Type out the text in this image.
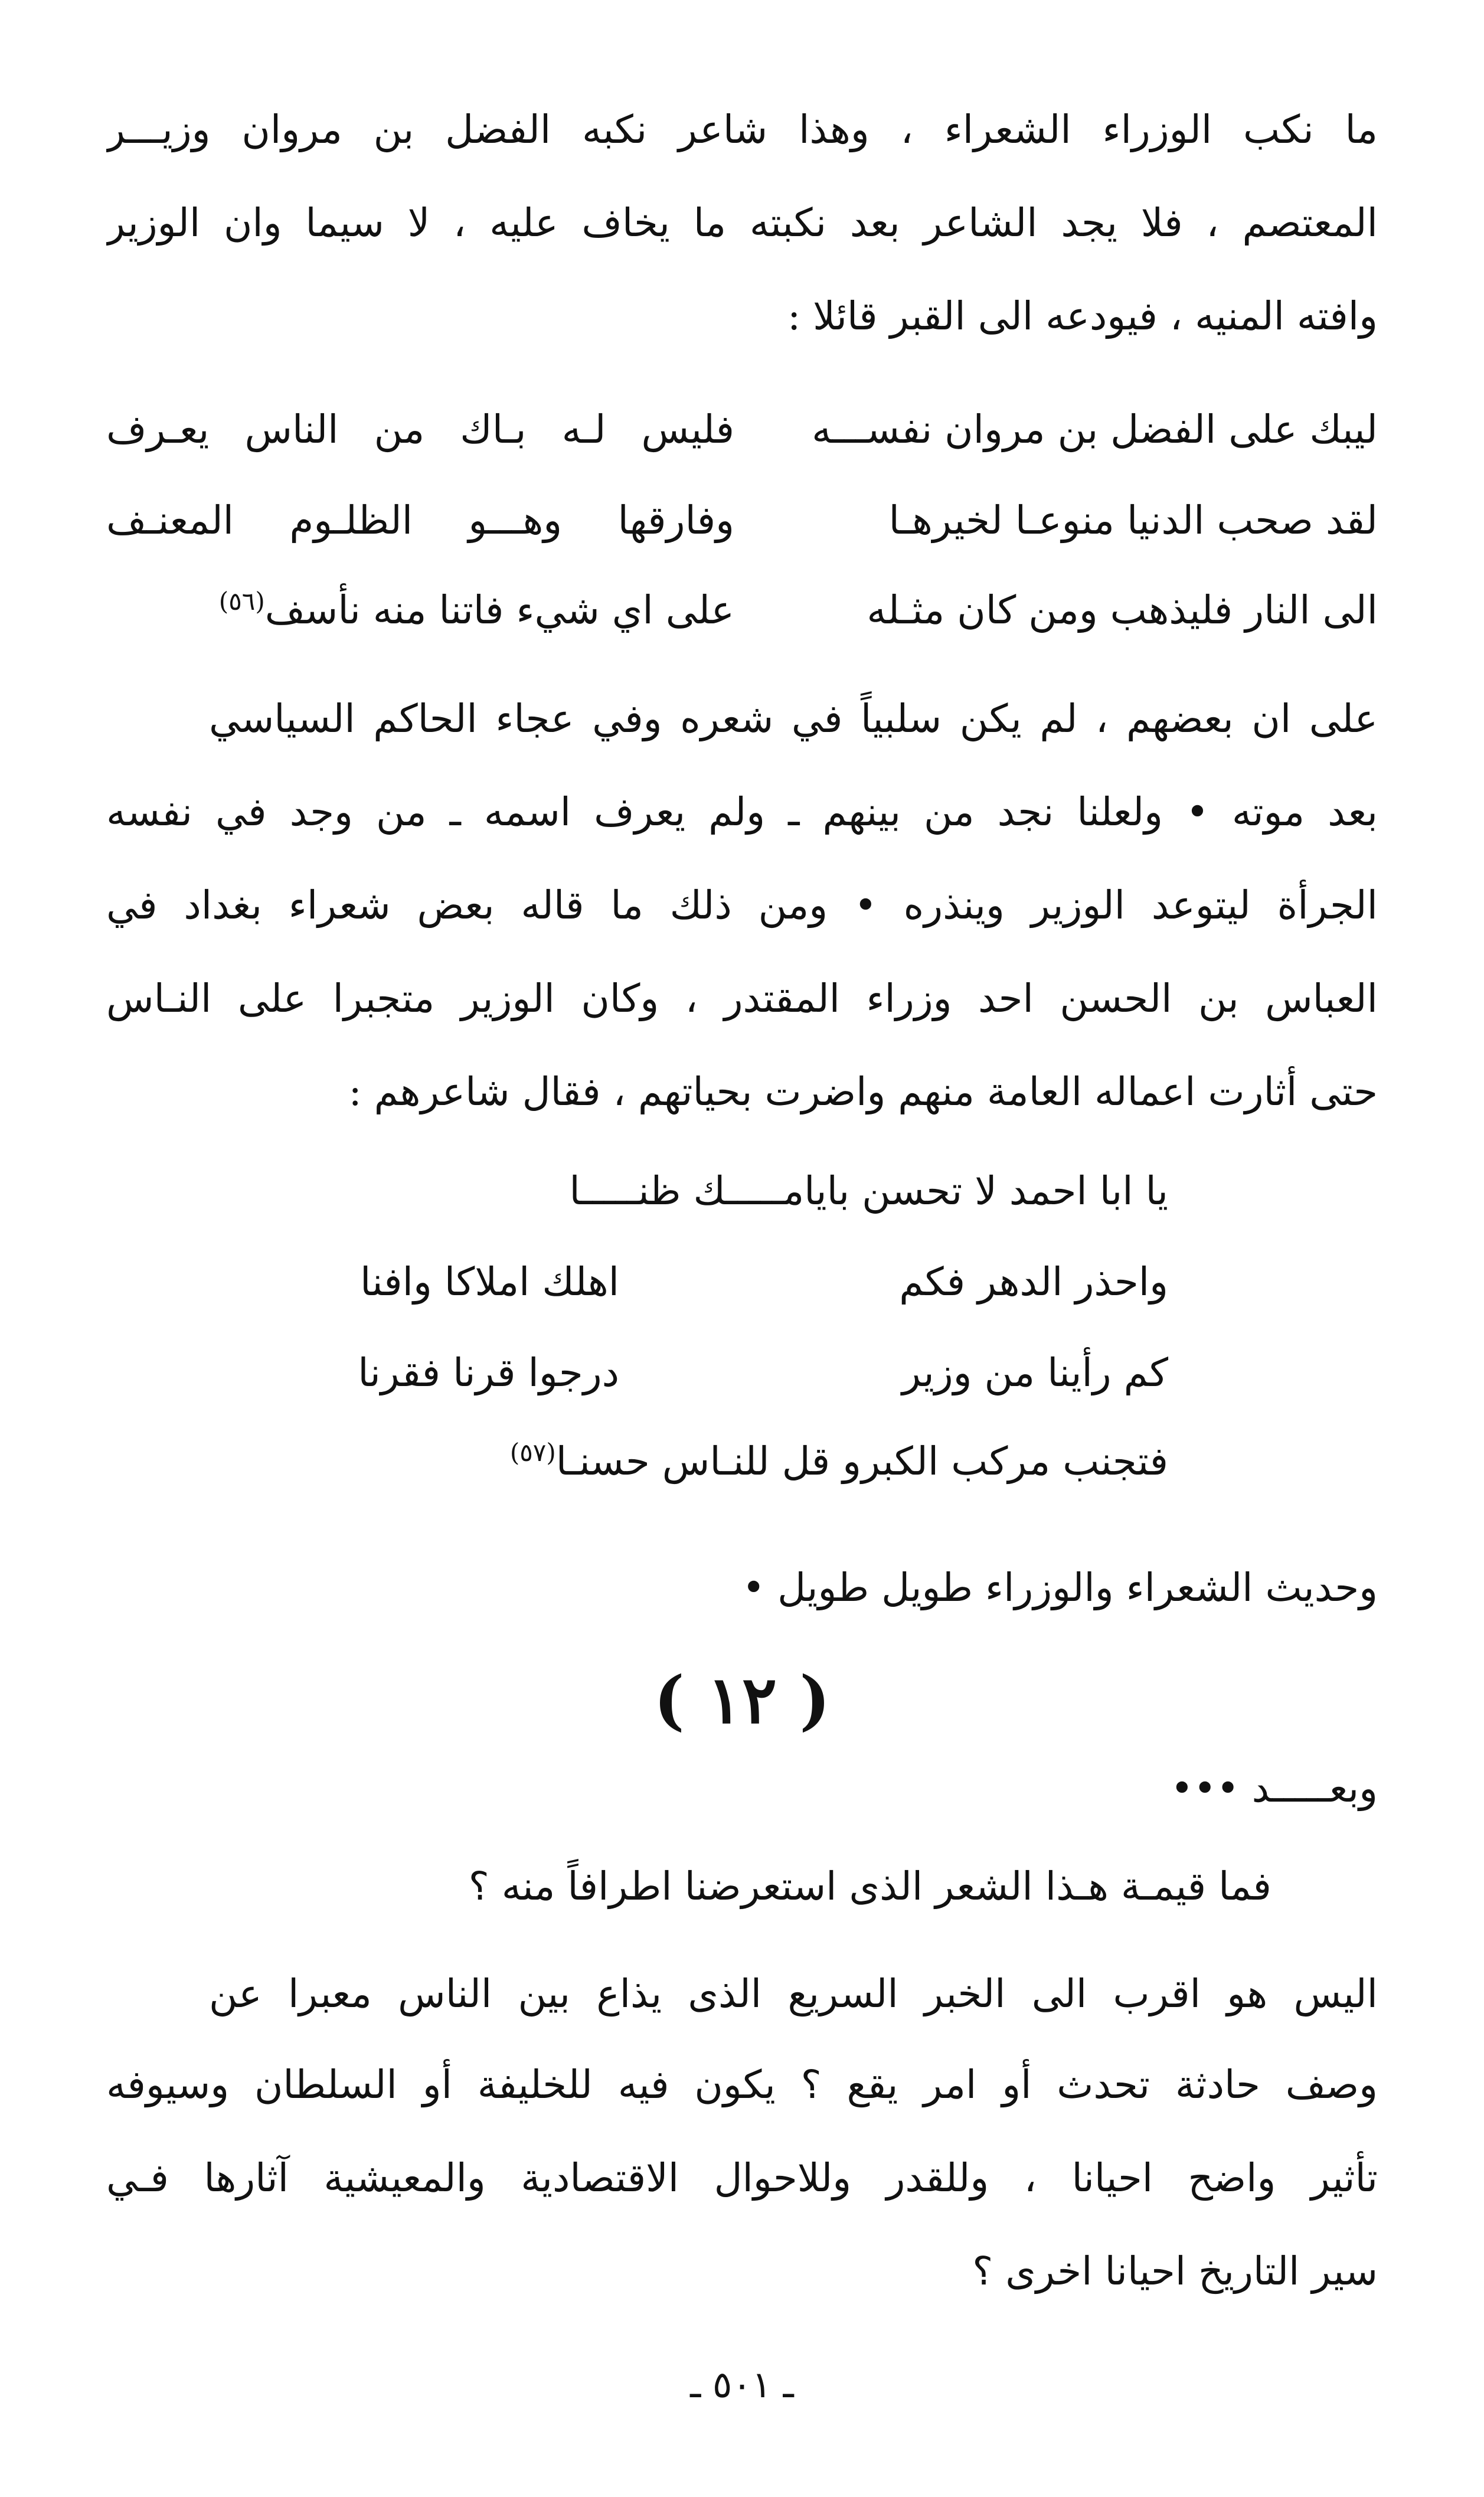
ما نكب الوزراء الشعراء ، وهذا شاعر نكبه الفضل بن مروان وزيـــر
المعتصم ، فلا يجد الشاعر بعد نكبته ما يخاف عليه ، لا سيما وان الوزير
وافته المنيه ، فيودعه الى القبر قائلا :
ليبك على الفضل بن مروان نفســـه
فليس لـه بـاك من الناس يعـرف
لقد صحب الدنيا منوعـا لخيرهـا
وفارقها وهـــو الظلـوم المعنـف
الى النار فليذهب ومن كان مثـله
على اي شيء فاتنا منه نأسف$^{(٥٦)}$
على ان بعضهم ، لم يكن سلبياً في شعره وفي عجاء الحاكم السياسي
بعد موته • ولعلنا نجد من بينهم ـ ولم يعرف اسمه ـ من وجد في نفسه
الجرأة ليتوعد الوزير وينذره • ومن ذلك ما قاله بعض شعراء بغداد في
العباس بن الحسن احد وزراء المقتدر ، وكان الوزير متجبرا على النـاس
حتى أثارت اعماله العامة منهم واضرت بحياتهم ، فقال شاعرهم :
يا ابا احمد لا تحسن بايامـــــك ظنـــــا
واحذر الدهر فكم
اهلك املاكا وافنا
كم رأينا من وزير
درجوا قرنا فقرنا
فتجنب مركب الكبرو قل للنـاس حسنـا$^{(٥٧)}$
وحديث الشعراء والوزراء طويل طويل •
( ١٢ )
وبعـــــد •••
فما قيمـة هـذا الشعر الذى استعرضنا اطرافاً منه ؟
اليس هو اقرب الى الخبر السريع الذى يذاع بين الناس معبرا عن
وصف حادثة تحدث أو امر يقع ؟ يكون فيه للخليفة أو السلطان وسيوفه
تأثير واضح احيانا ، وللقدر وللاحوال الاقتصادية والمعيشية آثارها فـي
سير التاريخ احيانا اخرى ؟
ـ ٥٠١ ـ
